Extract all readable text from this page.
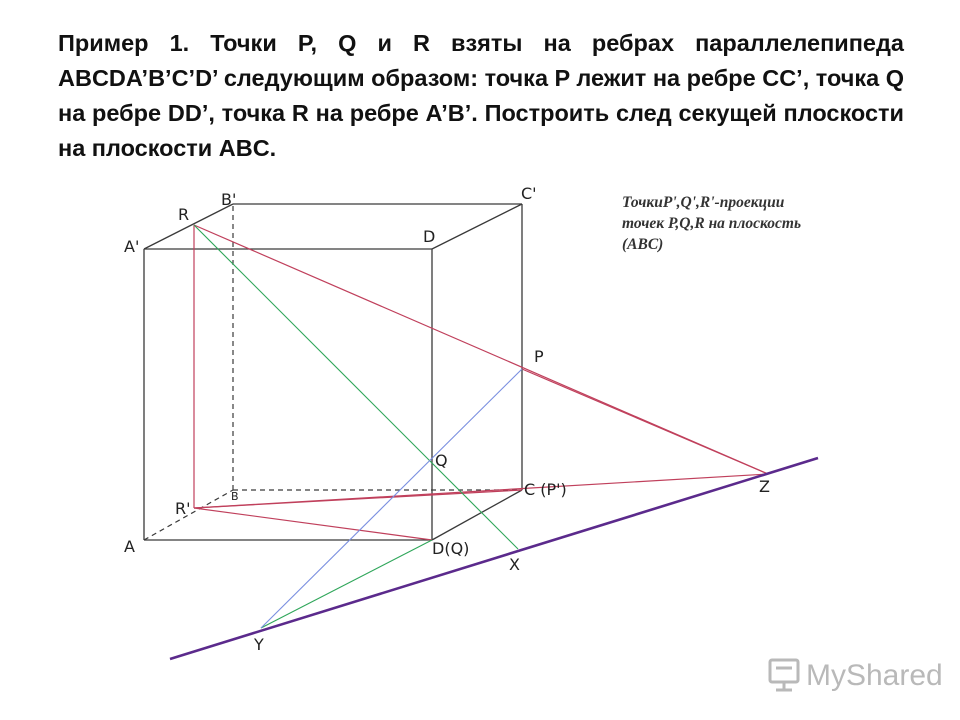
Пример 1. Точки P, Q и R взяты на ребрах параллелепипеда
ABCDA’B’C’D’ следующим образом: точка P лежит на ребре CC’, точка Q
на ребре DD’, точка R на ребре A’B’. Построить след секущей плоскости
на плоскости ABC.
A
B	C (P')
D(Q)
A'
B'	C'
D
R
R'
P
Q
X
Y
Z
ТочкиP',Q',R'-проекции
точек P,Q,R на плоскость
(ABC)
MyShared
